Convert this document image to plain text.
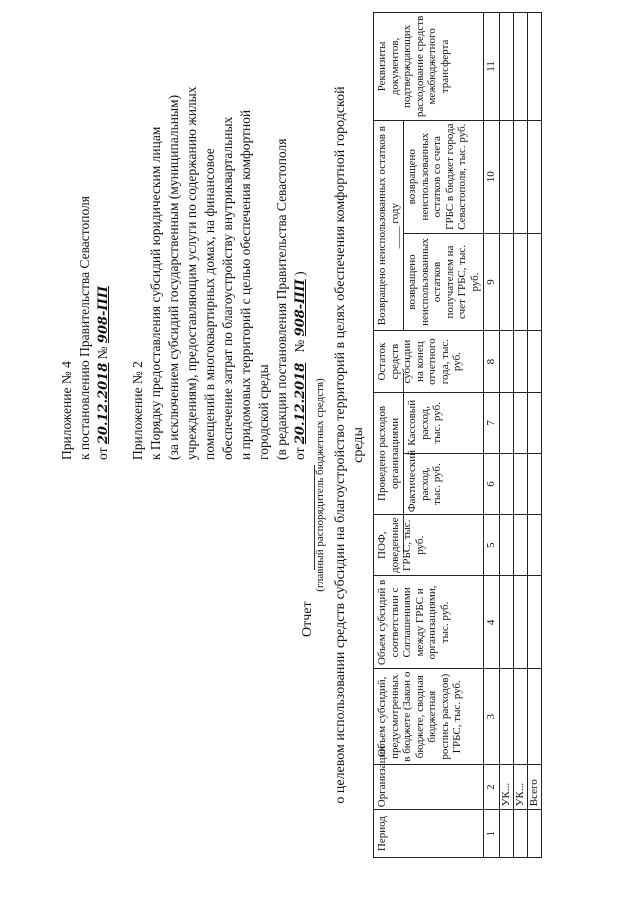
Приложение № 4 к постановлению Правительства Севастополя от 20.12.2018 № 908-ПП
Приложение № 2 к Порядку предоставления субсидий юридическим лицам (за исключением субсидий государственным (муниципальным) учреждениям), предоставляющим услуги по содержанию жилых помещений в многоквартирных домах, на финансовое обеспечение затрат по благоустройству внутриквартальных и придомовых территорий с целью обеспечения комфортной городской среды (в редакции постановления Правительства Севастополя от 20.12.2018   № 908-ПП )
Отчет
(главный распорядитель бюджетных средств) о целевом использовании средств субсидии на благоустройство территорий в целях обеспечения комфортной городской среды
Период	Организации	Объем субсидий, предусмотренных в бюджете (Закон о бюджете, сводная бюджетная роспись расходов) ГРБС, тыс. руб.	Объем субсидий в соответствии с Соглашениями между ГРБС и организациями, тыс. руб.	ПОФ, доведенные ГРБС, тыс. руб.	Проведено расходов организациями		Остаток средств субсидии на конец отчетного года, тыс. руб.	Возвращено неиспользованных остатков в ____ году		Реквизиты документов, подтверждающих расходование средств межбюджетного трансферта
					Фактический расход, тыс. руб.	Кассовый расход, тыс. руб.		возвращено неиспользованных остатков получателем на счет ГРБС, тыс. руб.	возвращено неиспользованных остатков со счета ГРБС в бюджет города Севастополя, тыс. руб.	
1	2	3	4	5	6	7	8	9	10	11
	УК...									
	УК...									
	Всего									
